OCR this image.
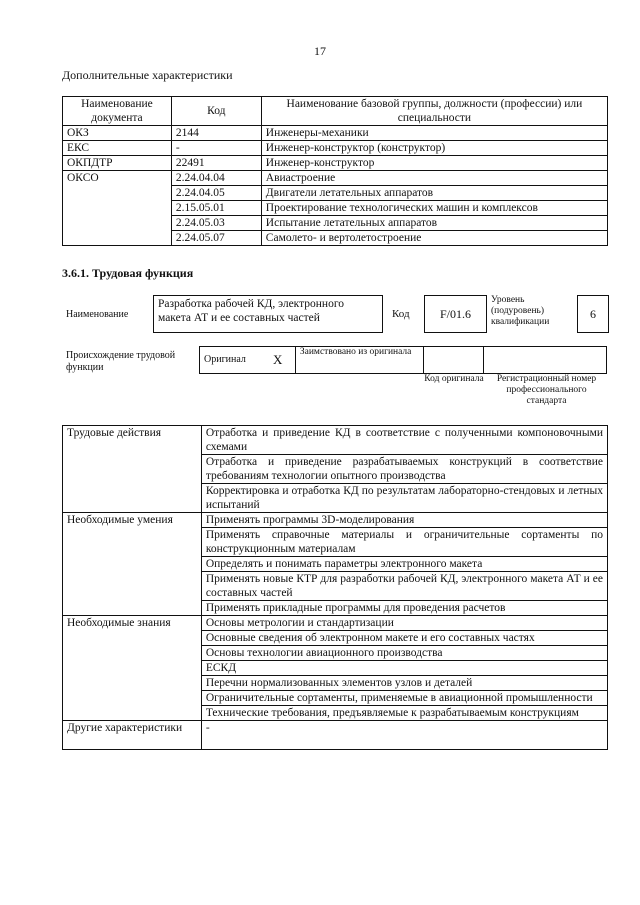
17
Дополнительные характеристики
Наименование документа	Код	Наименование базовой группы, должности (профессии) или специальности
ОКЗ	2144	Инженеры-механики
ЕКС	-	Инженер-конструктор (конструктор)
ОКПДТР	22491	Инженер-конструктор
ОКСО	2.24.04.04	Авиастроение
	2.24.04.05	Двигатели летательных аппаратов
	2.15.05.01	Проектирование технологических машин и комплексов
	2.24.05.03	Испытание летательных аппаратов
	2.24.05.07	Самолето- и вертолетостроение
3.6.1. Трудовая функция
Наименование
Разработка рабочей КД, электронного макета АТ и ее составных частей	Код	F/01.6
Уровень (подуровень) квалификации
6
Происхождение трудовой функции
Оригинал	X	Заимствовано из оригинала		
Код оригинала	Регистрационный номер профессионального стандарта
Трудовые действия	Отработка и приведение КД в соответствие с полученными компоновочными схемами
	Отработка и приведение разрабатываемых конструкций в соответствие требованиям технологии опытного производства
	Корректировка и отработка КД по результатам лабораторно-стендовых и летных испытаний
Необходимые умения	Применять программы 3D-моделирования
	Применять справочные материалы и ограничительные сортаменты по конструкционным материалам
	Определять и понимать параметры электронного макета
	Применять новые КТР для разработки рабочей КД, электронного макета АТ и ее составных частей
	Применять прикладные программы для проведения расчетов
Необходимые знания	Основы метрологии и стандартизации
	Основные сведения об электронном макете и его составных частях
	Основы технологии авиационного производства
	ЕСКД
	Перечни нормализованных элементов узлов и деталей
	Ограничительные сортаменты, применяемые в авиационной промышленности
	Технические требования, предъявляемые к разрабатываемым конструкциям
Другие характеристики	-
